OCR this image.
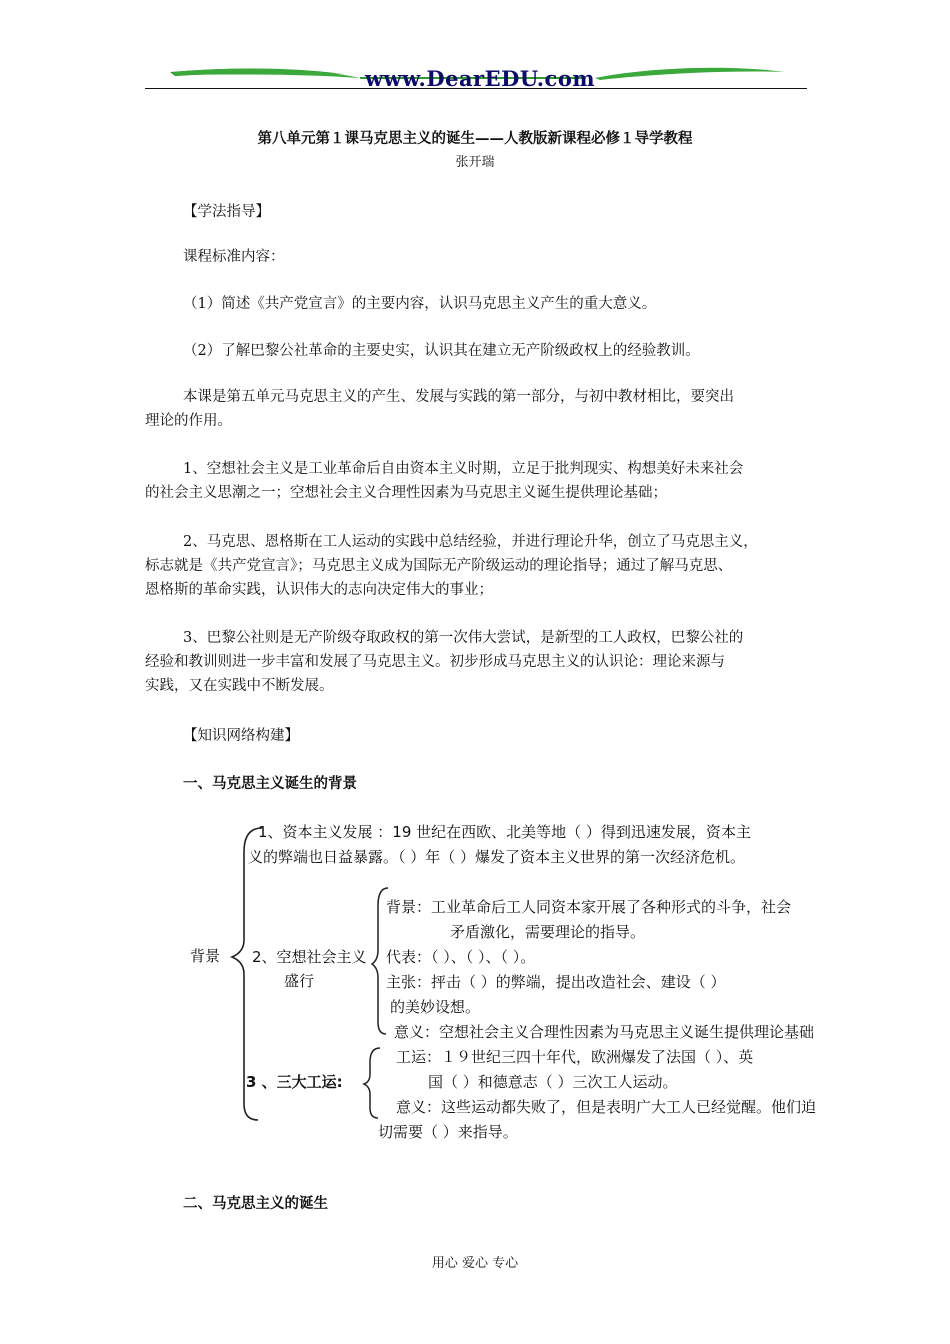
www.DearEDU.com
第八单元第１课马克思主义的诞生——人教版新课程必修１导学教程
张开瑞
【学法指导】
课程标准内容：
（1）简述《共产党宣言》的主要内容，认识马克思主义产生的重大意义。
（2）了解巴黎公社革命的主要史实，认识其在建立无产阶级政权上的经验教训。
本课是第五单元马克思主义的产生、发展与实践的第一部分，与初中教材相比，要突出
理论的作用。
1、空想社会主义是工业革命后自由资本主义时期，立足于批判现实、构想美好未来社会
的社会主义思潮之一；空想社会主义合理性因素为马克思主义诞生提供理论基础；
2、马克思、恩格斯在工人运动的实践中总结经验，并进行理论升华，创立了马克思主义，
标志就是《共产党宣言》；马克思主义成为国际无产阶级运动的理论指导；通过了解马克思、
恩格斯的革命实践，认识伟大的志向决定伟大的事业；
3、巴黎公社则是无产阶级夺取政权的第一次伟大尝试，是新型的工人政权，巴黎公社的
经验和教训则进一步丰富和发展了马克思主义。初步形成马克思主义的认识论：理论来源与
实践，又在实践中不断发展。
【知识网络构建】
一、马克思主义诞生的背景
背景
1、资本主义发展 ：19 世纪在西欧、北美等地（ ）得到迅速发展，资本主
义的弊端也日益暴露。（ ）年（ ）爆发了资本主义世界的第一次经济危机。
2、空想社会主义
盛行
背景：工业革命后工人同资本家开展了各种形式的斗争，社会
矛盾激化，需要理论的指导。
代表：（ ）、（ ）、（ ）。
主张：抨击（ ）的弊端，提出改造社会、建设（ ）
的美妙设想。
意义：空想社会主义合理性因素为马克思主义诞生提供理论基础
3 、三大工运:
工运：１９世纪三四十年代，欧洲爆发了法国（ ）、英
国（ ）和德意志（ ）三次工人运动。
意义：这些运动都失败了，但是表明广大工人已经觉醒。他们迫
切需要（ ）来指导。
二、马克思主义的诞生
用心 爱心 专心
